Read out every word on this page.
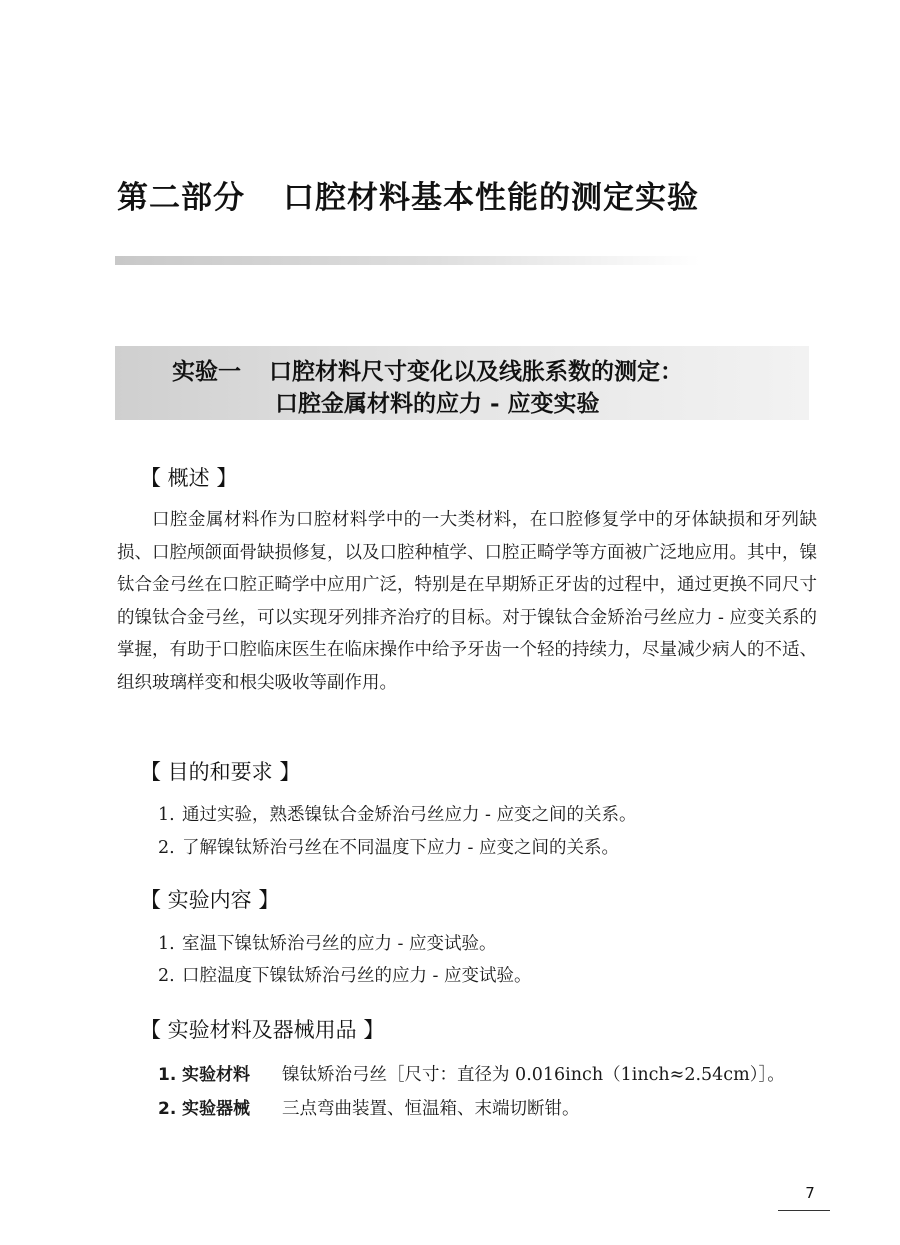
第二部分 口腔材料基本性能的测定实验
实验一 口腔材料尺寸变化以及线胀系数的测定：
口腔金属材料的应力 - 应变实验
【 概述 】
口腔金属材料作为口腔材料学中的一大类材料，在口腔修复学中的牙体缺损和牙列缺损、口腔颅颌面骨缺损修复，以及口腔种植学、口腔正畸学等方面被广泛地应用。其中，镍钛合金弓丝在口腔正畸学中应用广泛，特别是在早期矫正牙齿的过程中，通过更换不同尺寸的镍钛合金弓丝，可以实现牙列排齐治疗的目标。对于镍钛合金矫治弓丝应力 - 应变关系的掌握，有助于口腔临床医生在临床操作中给予牙齿一个轻的持续力，尽量减少病人的不适、组织玻璃样变和根尖吸收等副作用。
【 目的和要求 】
1. 通过实验，熟悉镍钛合金矫治弓丝应力 - 应变之间的关系。
2. 了解镍钛矫治弓丝在不同温度下应力 - 应变之间的关系。
【 实验内容 】
1. 室温下镍钛矫治弓丝的应力 - 应变试验。
2. 口腔温度下镍钛矫治弓丝的应力 - 应变试验。
【 实验材料及器械用品 】
1. 实验材料 镍钛矫治弓丝［尺寸：直径为 0.016inch（1inch≈2.54cm）］。
2. 实验器械 三点弯曲装置、恒温箱、末端切断钳。
7
